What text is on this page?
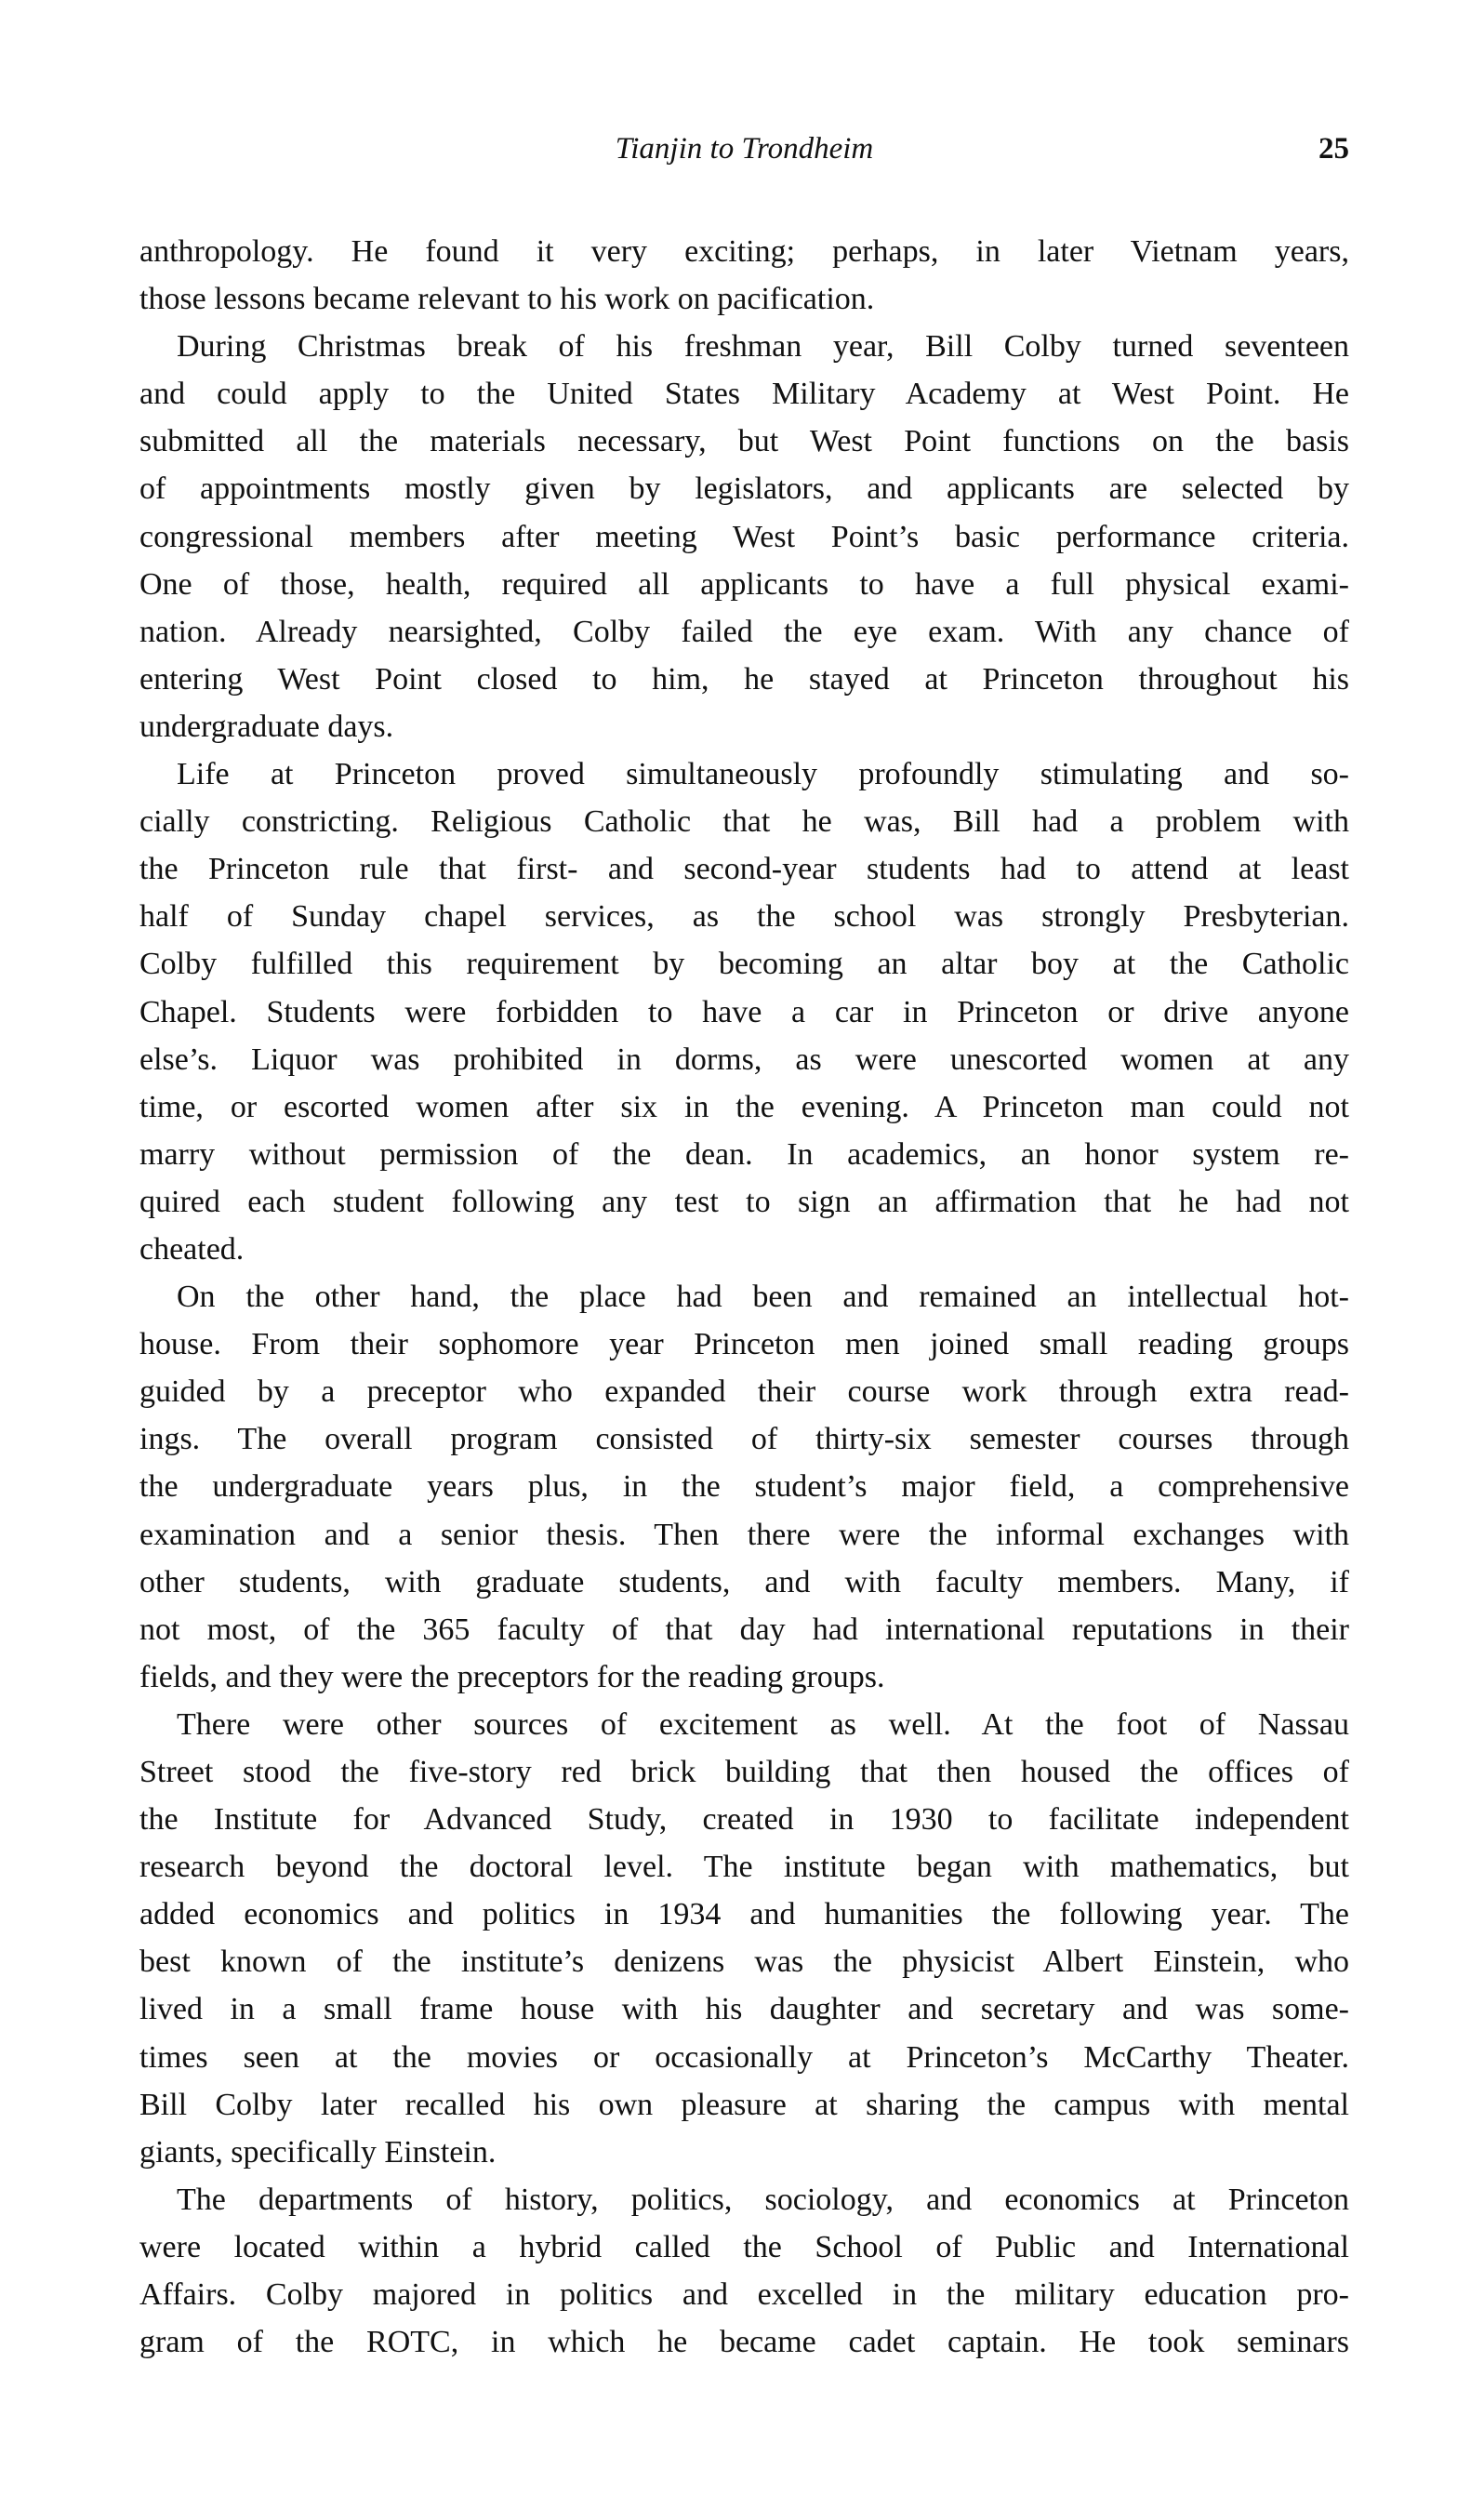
Tianjin to Trondheim	25
anthropology. He found it very exciting; perhaps, in later Vietnam years,
those lessons became relevant to his work on pacification.
During Christmas break of his freshman year, Bill Colby turned seventeen
and could apply to the United States Military Academy at West Point. He
submitted all the materials necessary, but West Point functions on the basis
of appointments mostly given by legislators, and applicants are selected by
congressional members after meeting West Point’s basic performance criteria.
One of those, health, required all applicants to have a full physical exami-
nation. Already nearsighted, Colby failed the eye exam. With any chance of
entering West Point closed to him, he stayed at Princeton throughout his
undergraduate days.
Life at Princeton proved simultaneously profoundly stimulating and so-
cially constricting. Religious Catholic that he was, Bill had a problem with
the Princeton rule that first- and second-year students had to attend at least
half of Sunday chapel services, as the school was strongly Presbyterian.
Colby fulfilled this requirement by becoming an altar boy at the Catholic
Chapel. Students were forbidden to have a car in Princeton or drive anyone
else’s. Liquor was prohibited in dorms, as were unescorted women at any
time, or escorted women after six in the evening. A Princeton man could not
marry without permission of the dean. In academics, an honor system re-
quired each student following any test to sign an affirmation that he had not
cheated.
On the other hand, the place had been and remained an intellectual hot-
house. From their sophomore year Princeton men joined small reading groups
guided by a preceptor who expanded their course work through extra read-
ings. The overall program consisted of thirty-six semester courses through
the undergraduate years plus, in the student’s major field, a comprehensive
examination and a senior thesis. Then there were the informal exchanges with
other students, with graduate students, and with faculty members. Many, if
not most, of the 365 faculty of that day had international reputations in their
fields, and they were the preceptors for the reading groups.
There were other sources of excitement as well. At the foot of Nassau
Street stood the five-story red brick building that then housed the offices of
the Institute for Advanced Study, created in 1930 to facilitate independent
research beyond the doctoral level. The institute began with mathematics, but
added economics and politics in 1934 and humanities the following year. The
best known of the institute’s denizens was the physicist Albert Einstein, who
lived in a small frame house with his daughter and secretary and was some-
times seen at the movies or occasionally at Princeton’s McCarthy Theater.
Bill Colby later recalled his own pleasure at sharing the campus with mental
giants, specifically Einstein.
The departments of history, politics, sociology, and economics at Princeton
were located within a hybrid called the School of Public and International
Affairs. Colby majored in politics and excelled in the military education pro-
gram of the ROTC, in which he became cadet captain. He took seminars
